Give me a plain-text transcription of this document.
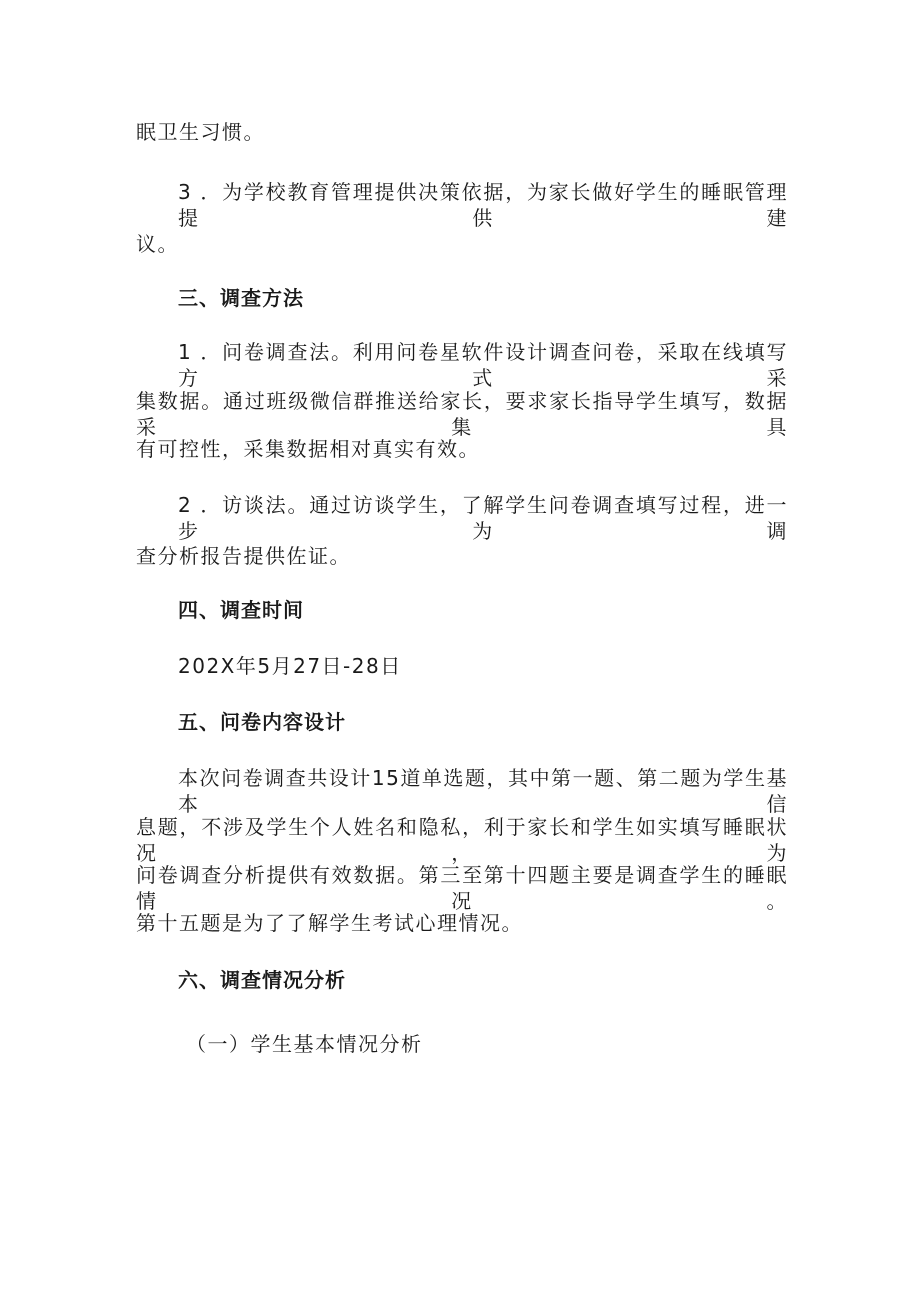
眠卫生习惯。
3 ．为学校教育管理提供决策依据，为家长做好学生的睡眠管理提供建
议。
三、调查方法
1 ．问卷调查法。利用问卷星软件设计调查问卷，采取在线填写方式采
集数据。通过班级微信群推送给家长，要求家长指导学生填写，数据采集具
有可控性，采集数据相对真实有效。
2 ．访谈法。通过访谈学生，了解学生问卷调查填写过程，进一步为调
查分析报告提供佐证。
四、调查时间
202X年5月27日-28日
五、问卷内容设计
本次问卷调查共设计15道单选题，其中第一题、第二题为学生基本信
息题，不涉及学生个人姓名和隐私，利于家长和学生如实填写睡眠状况，为
问卷调查分析提供有效数据。第三至第十四题主要是调查学生的睡眠情况。
第十五题是为了了解学生考试心理情况。
六、调查情况分析
（一）学生基本情况分析
